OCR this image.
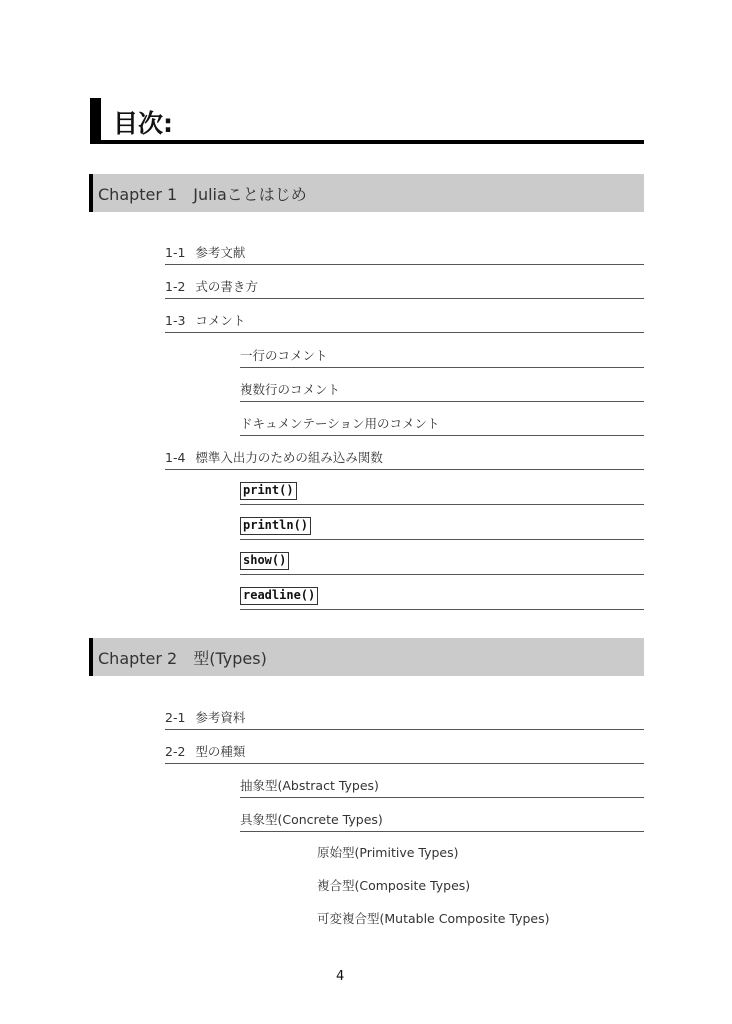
目次:
Chapter 1　Juliaことはじめ
1-1 参考文献
1-2 式の書き方
1-3 コメント
一行のコメント
複数行のコメント
ドキュメンテーション用のコメント
1-4 標準入出力のための組み込み関数
print()
println()
show()
readline()
Chapter 2　型(Types)
2-1 参考資料
2-2 型の種類
抽象型(Abstract Types)
具象型(Concrete Types)
原始型(Primitive Types)
複合型(Composite Types)
可変複合型(Mutable Composite Types)
4
